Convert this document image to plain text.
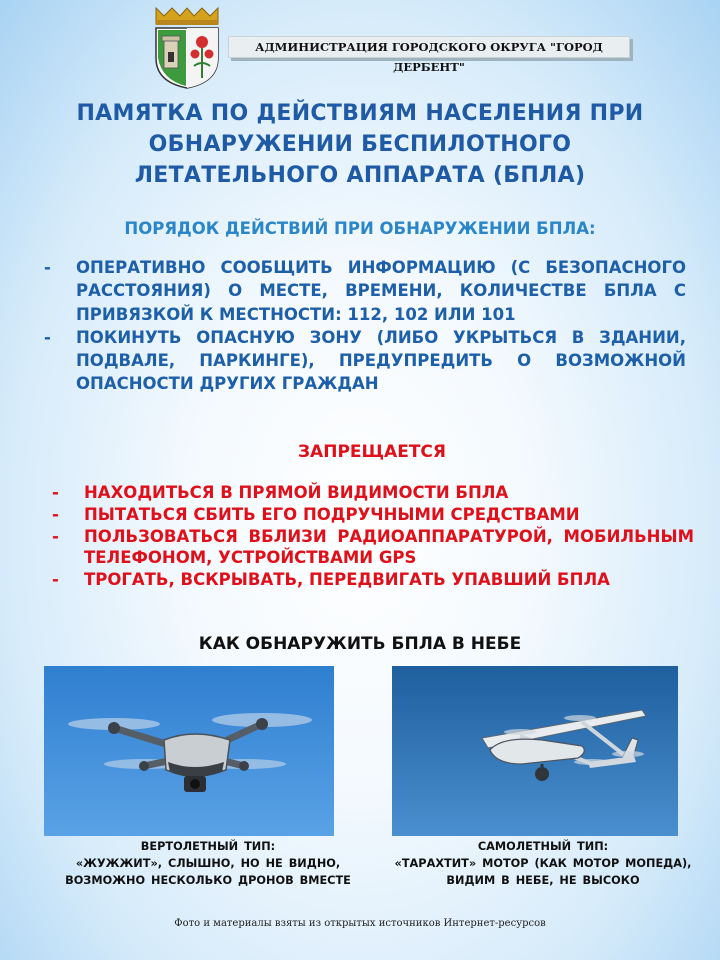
АДМИНИСТРАЦИЯ ГОРОДСКОГО ОКРУГА "ГОРОД ДЕРБЕНТ"
ПАМЯТКА ПО ДЕЙСТВИЯМ НАСЕЛЕНИЯ ПРИ
ОБНАРУЖЕНИИ БЕСПИЛОТНОГО
ЛЕТАТЕЛЬНОГО АППАРАТА (БПЛА)
ПОРЯДОК ДЕЙСТВИЙ ПРИ ОБНАРУЖЕНИИ БПЛА:
- ОПЕРАТИВНО СООБЩИТЬ ИНФОРМАЦИЮ (С БЕЗОПАСНОГО РАССТОЯНИЯ) О МЕСТЕ, ВРЕМЕНИ, КОЛИЧЕСТВЕ БПЛА С ПРИВЯЗКОЙ К МЕСТНОСТИ: 112, 102 ИЛИ 101
- ПОКИНУТЬ ОПАСНУЮ ЗОНУ (ЛИБО УКРЫТЬСЯ В ЗДАНИИ, ПОДВАЛЕ, ПАРКИНГЕ), ПРЕДУПРЕДИТЬ О ВОЗМОЖНОЙ ОПАСНОСТИ ДРУГИХ ГРАЖДАН
ЗАПРЕЩАЕТСЯ
- НАХОДИТЬСЯ В ПРЯМОЙ ВИДИМОСТИ БПЛА
- ПЫТАТЬСЯ СБИТЬ ЕГО ПОДРУЧНЫМИ СРЕДСТВАМИ
- ПОЛЬЗОВАТЬСЯ ВБЛИЗИ РАДИОАППАРАТУРОЙ, МОБИЛЬНЫМ ТЕЛЕФОНОМ, УСТРОЙСТВАМИ GPS
- ТРОГАТЬ, ВСКРЫВАТЬ, ПЕРЕДВИГАТЬ УПАВШИЙ БПЛА
КАК ОБНАРУЖИТЬ БПЛА В НЕБЕ
ВЕРТОЛЕТНЫЙ ТИП:
«ЖУЖЖИТ», СЛЫШНО, НО НЕ ВИДНО,
ВОЗМОЖНО НЕСКОЛЬКО ДРОНОВ ВМЕСТЕ
САМОЛЕТНЫЙ ТИП:
«ТАРАХТИТ» МОТОР (КАК МОТОР МОПЕДА),
ВИДИМ В НЕБЕ, НЕ ВЫСОКО
Фото и материалы взяты из открытых источников Интернет-ресурсов
